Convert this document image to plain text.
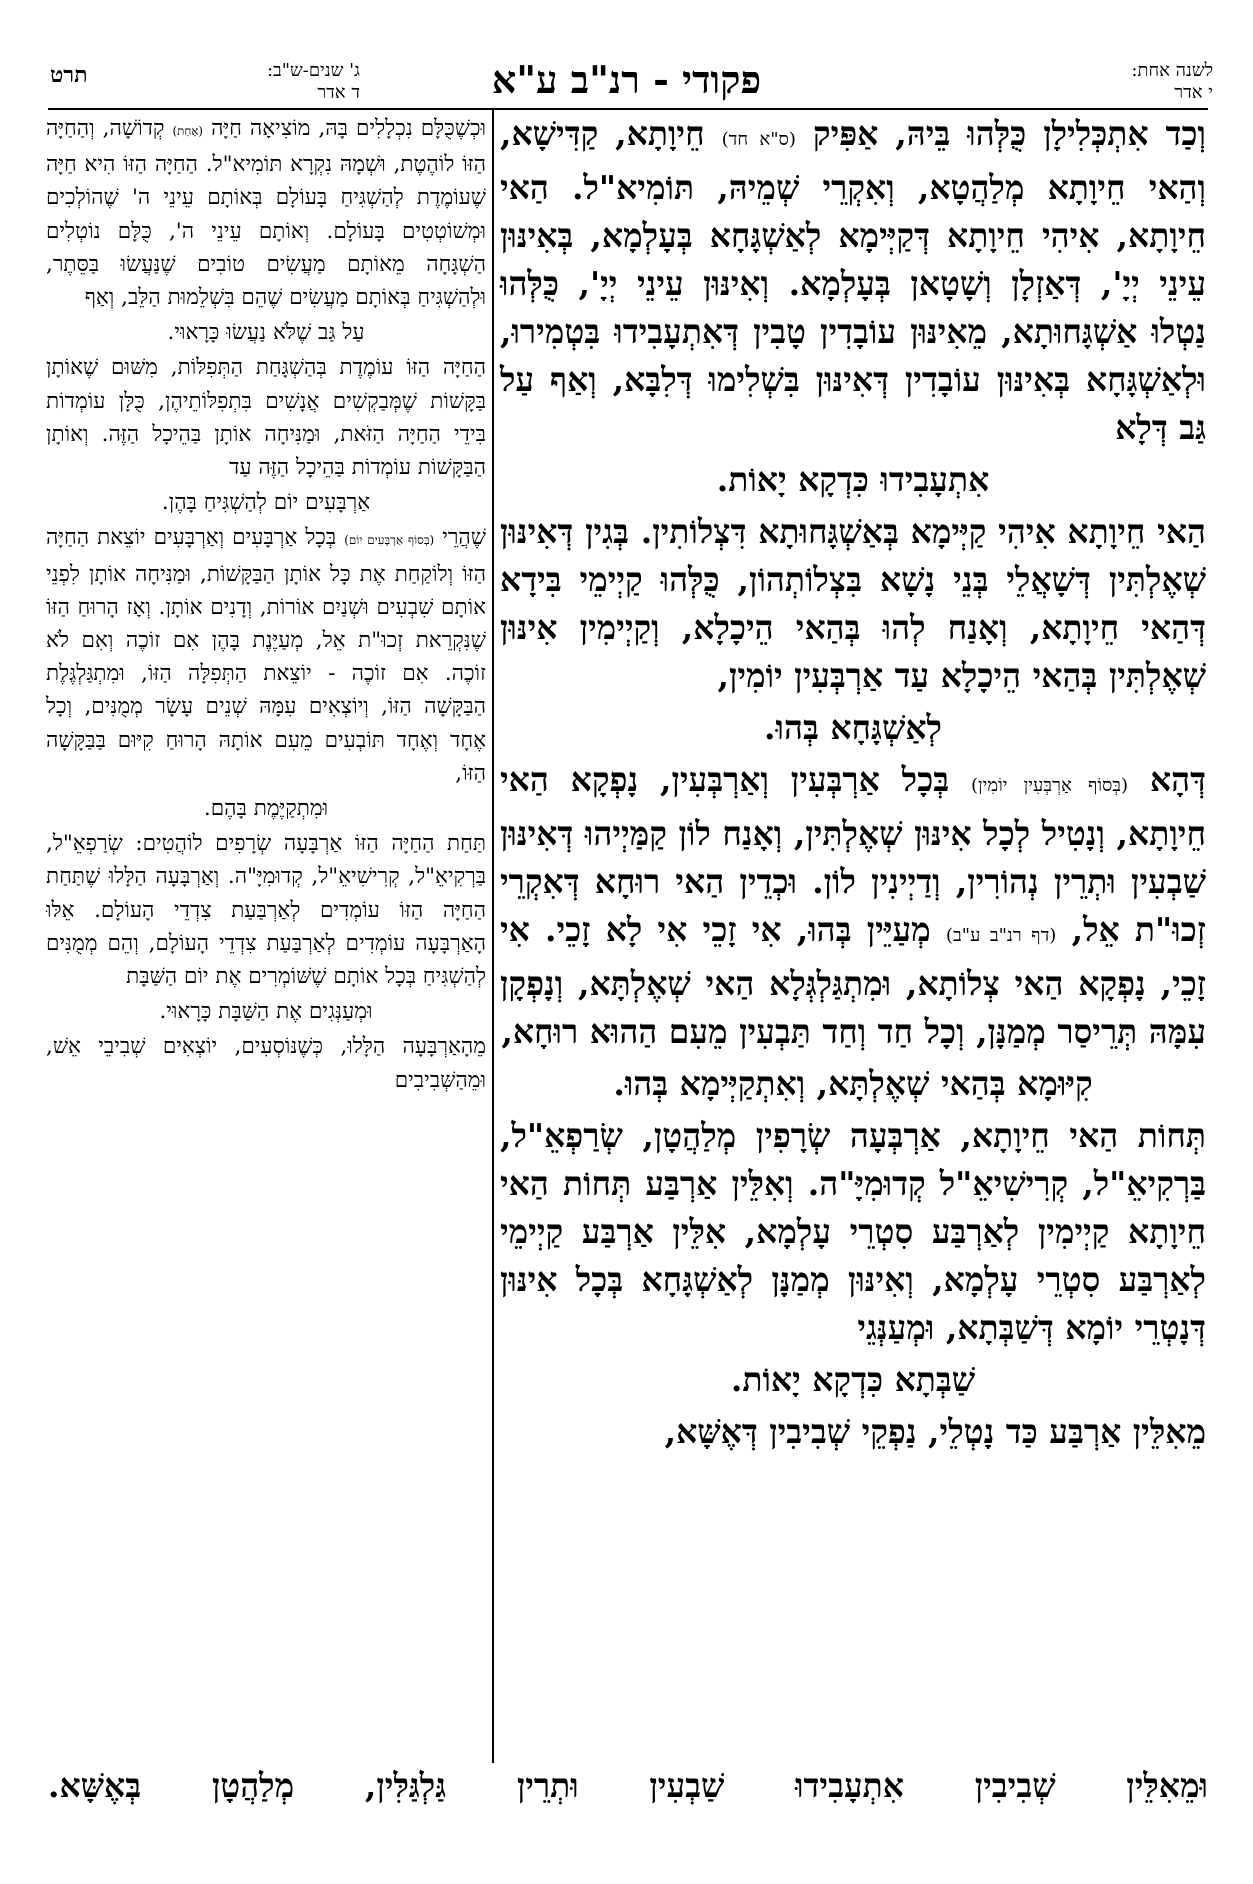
לשנה אחת:
י אדר
פקודי - רנ"ב ע"א
ג' שנים-ש"ב:
ד אדר
תרט

וְכַד אִתְכְּלִילָן כֻּלְּהוּ בֵּיהּ, אַפִּיק (ס"א חד) חֵיוָתָא, קַדִּישָׁא, וְהַאי חֵיוָתָא מְלַהֲטָא, וְאִקְרֵי שְׁמֵיהּ, תּוֹמִיא"ל. הַאי חֵיוָתָא, אִיהִי חֵיוָתָא דְּקַיְּימָא לְאַשְׁגָּחָא בְּעָלְמָא, בְּאִינּוּן עֵינֵי יְיָ', דְּאַזְלָן וְשָׁטָאן בְּעָלְמָא. וְאִינּוּן עֵינֵי יְיָ', כֻּלְּהוּ נַטְלוּ אַשְׁגָּחוּתָא, מֵאִינּוּן עוֹבָדִין טָבִין דְּאִתְעָבִידוּ בִּטְמִירוּ, וּלְאַשְׁגָּחָא בְּאִינּוּן עוֹבָדִין דְּאִינּוּן בִּשְׁלִימוּ דְּלִבָּא, וְאַף עַל גַּב דְּלָא

אִתְעָבִידוּ כִּדְקָא יָאוֹת.

הַאי חֵיוָתָא אִיהִי קַיְּימָא בְּאַשְׁגָּחוּתָא דִּצְלוֹתִין. בְּגִין דְּאִינּוּן שְׁאֶלְתִּין דְּשָׁאֲלֵי בְּנֵי נָשָׁא בִּצְלוֹתְהוֹן, כֻּלְּהוּ קַיְימֵי בִּידָא דְּהַאי חֵיוָתָא, וְאָנַח לְהוּ בְּהַאי הֵיכָלָא, וְקַיְימִין אִינּוּן שְׁאֶלְתִּין בְּהַאי הֵיכָלָא עַד אַרְבְּעִין יוֹמִין,

לְאַשְׁגָּחָא בְּהוּ.

דְּהָא (בְּסוֹף אַרְבְּעִין יוֹמִין) בְּכָל אַרְבְּעִין וְאַרְבְּעִין, נָפְקָא הַאי חֵיוָתָא, וְנָטִיל לְכָל אִינּוּן שְׁאֶלְתִּין, וְאָנַח לוֹן קַמַּיְיהוּ דְּאִינּוּן שַׁבְעִין וּתְרֵין נְהוֹרִין, וְדַיְינִין לוֹן. וּכְדֵין הַאי רוּחָא דְּאִקְרֵי זְכוּ"ת אֵל, (דף רנ"ב ע"ב) מְעַיֵּין בְּהוּ, אִי זָכֵי אִי לָא זָכֵי. אִי זָכֵי, נָפְקָא הַאי צְלוֹתָא, וּמִתְגַּלְגְּלָא הַאי שְׁאֶלְתָּא, וְנָפְקָן עִמָּהּ תְּרֵיסַר מְמַנָּן, וְכָל חַד וְחַד תַּבְעִין מֵעִם הַהוּא רוּחָא,

קִיּוּמָא בְּהַאי שְׁאֶלְתָּא, וְאִתְקַיְּימָא בְּהוּ.

תְּחוֹת הַאי חֵיוָתָא, אַרְבְּעָה שְׂרָפִין מְלַהֲטָן, שְׂרַפְאֵ"ל, בַּרְקִיאֵ"ל, קְרִישִׁיאֵ"ל קְדוּמִיָּ"ה. וְאִלֵּין אַרְבַּע תְּחוֹת הַאי חֵיוָתָא קַיְימִין לְאַרְבַּע סִטְרֵי עָלְמָא, אִלֵּין אַרְבַּע קַיְימֵי לְאַרְבַּע סִטְרֵי עָלְמָא, וְאִינּוּן מְמַנָּן לְאַשְׁגָּחָא בְּכָל אִינּוּן דְּנָטְרֵי יוֹמָא דְּשַׁבְּתָא, וּמְעַנְּגֵי

שַׁבְּתָא כִּדְקָא יָאוֹת.

מֵאִלֵּין אַרְבַּע כַּד נָטְלֵי, נַפְקֵי שְׁבִיבִין דְּאֶשָּׁא,

וּכְשֶׁכֻּלָּם נִכְלָלִים בָּהּ, מוֹצִיאָה חַיָּה (אַחַת) קְדוֹשָׁה, וְהַחַיָּה הַזּוֹ לוֹהֶטֶת, וּשְׁמָהּ נִקְרָא תּוֹמִיא"ל. הַחַיָּה הַזּוֹ הִיא חַיָּה שֶׁעוֹמֶדֶת לְהַשְׁגִּיחַ בָּעוֹלָם בְּאוֹתָם עֵינֵי ה' שֶׁהוֹלְכִים וּמְשׁוֹטְטִים בָּעוֹלָם. וְאוֹתָם עֵינֵי ה', כֻּלָּם נוֹטְלִים הַשְׁגָּחָה מֵאוֹתָם מַעֲשִׂים טוֹבִים שֶׁנַּעֲשׂוּ בַּסֵּתֶר, וּלְהַשְׁגִּיחַ בְּאוֹתָם מַעֲשִׂים שֶׁהֵם בִּשְׁלֵמוּת הַלֵּב, וְאַף

עַל גַּב שֶׁלֹּא נַעֲשׂוּ כָּרָאוּי.

הַחַיָּה הַזּוֹ עוֹמֶדֶת בְּהַשְׁגָּחַת הַתְּפִלּוֹת, מִשּׁוּם שֶׁאוֹתָן בַּקָּשׁוֹת שֶׁמְּבַקְשִׁים אֲנָשִׁים בִּתְפִלּוֹתֵיהֶן, כֻּלָּן עוֹמְדוֹת בִּידֵי הַחַיָּה הַזֹּאת, וּמַנִּיחָה אוֹתָן בַּהֵיכָל הַזֶּה. וְאוֹתָן הַבַּקָּשׁוֹת עוֹמְדוֹת בַּהֵיכָל הַזֶּה עַד

אַרְבָּעִים יוֹם לְהַשְׁגִּיחַ בָּהֶן.

שֶׁהֲרֵי (בְּסוֹף אַרְבָּעִים יוֹם) בְּכָל אַרְבָּעִים וְאַרְבָּעִים יוֹצֵאת הַחַיָּה הַזּוֹ וְלוֹקַחַת אֶת כָּל אוֹתָן הַבַּקָּשׁוֹת, וּמַנִּיחָה אוֹתָן לִפְנֵי אוֹתָם שִׁבְעִים וּשְׁנַיִם אוֹרוֹת, וְדָנִים אוֹתָן. וְאָז הָרוּחַ הַזּוֹ שֶׁנִּקְרֵאת זְכוּ"ת אֵל, מְעַיֶּנֶת בָּהֶן אִם זוֹכֶה וְאִם לֹא זוֹכֶה. אִם זוֹכֶה - יוֹצֵאת הַתְּפִלָּה הַזּוֹ, וּמִתְגַּלְגֶּלֶת הַבַּקָּשָׁה הַזּוֹ, וְיוֹצְאִים עִמָּהּ שְׁנֵים עָשָׂר מְמֻנִּים, וְכָל אֶחָד וְאֶחָד תּוֹבְעִים מֵעִם אוֹתָהּ הָרוּחַ קִיּוּם בַּבַּקָּשָׁה הַזּוֹ,

וּמִתְקַיֶּמֶת בָּהֶם.

תַּחַת הַחַיָּה הַזּוֹ אַרְבָּעָה שְׂרָפִים לוֹהֲטִים: שְׂרַפְאֵ"ל, בַּרְקִיאֵ"ל, קְרִישִׁיאֵ"ל, קְדוּמִיָּ"ה. וְאַרְבָּעָה הַלָּלוּ שֶׁתַּחַת הַחַיָּה הַזּוֹ עוֹמְדִים לְאַרְבַּעַת צִדְדֵי הָעוֹלָם. אֵלּוּ הָאַרְבָּעָה עוֹמְדִים לְאַרְבַּעַת צִדְדֵי הָעוֹלָם, וְהֵם מְמֻנִּים לְהַשְׁגִּיחַ בְּכָל אוֹתָם שֶׁשּׁוֹמְרִים אֶת יוֹם הַשַּׁבָּת

וּמְעַנְּגִים אֶת הַשַּׁבָּת כָּרָאוּי.

מֵהָאַרְבָּעָה הַלָּלוּ, כְּשֶׁנּוֹסְעִים, יוֹצְאִים שְׁבִיבֵי אֵשׁ, וּמֵהַשְּׁבִיבִים

וּמֵאִלֵּין שְׁבִיבִין אִתְעָבִידוּ שַׁבְעִין וּתְרֵין גַּלְגַּלִּין, מְלַהֲטָן בְּאֶשָּׁא.
